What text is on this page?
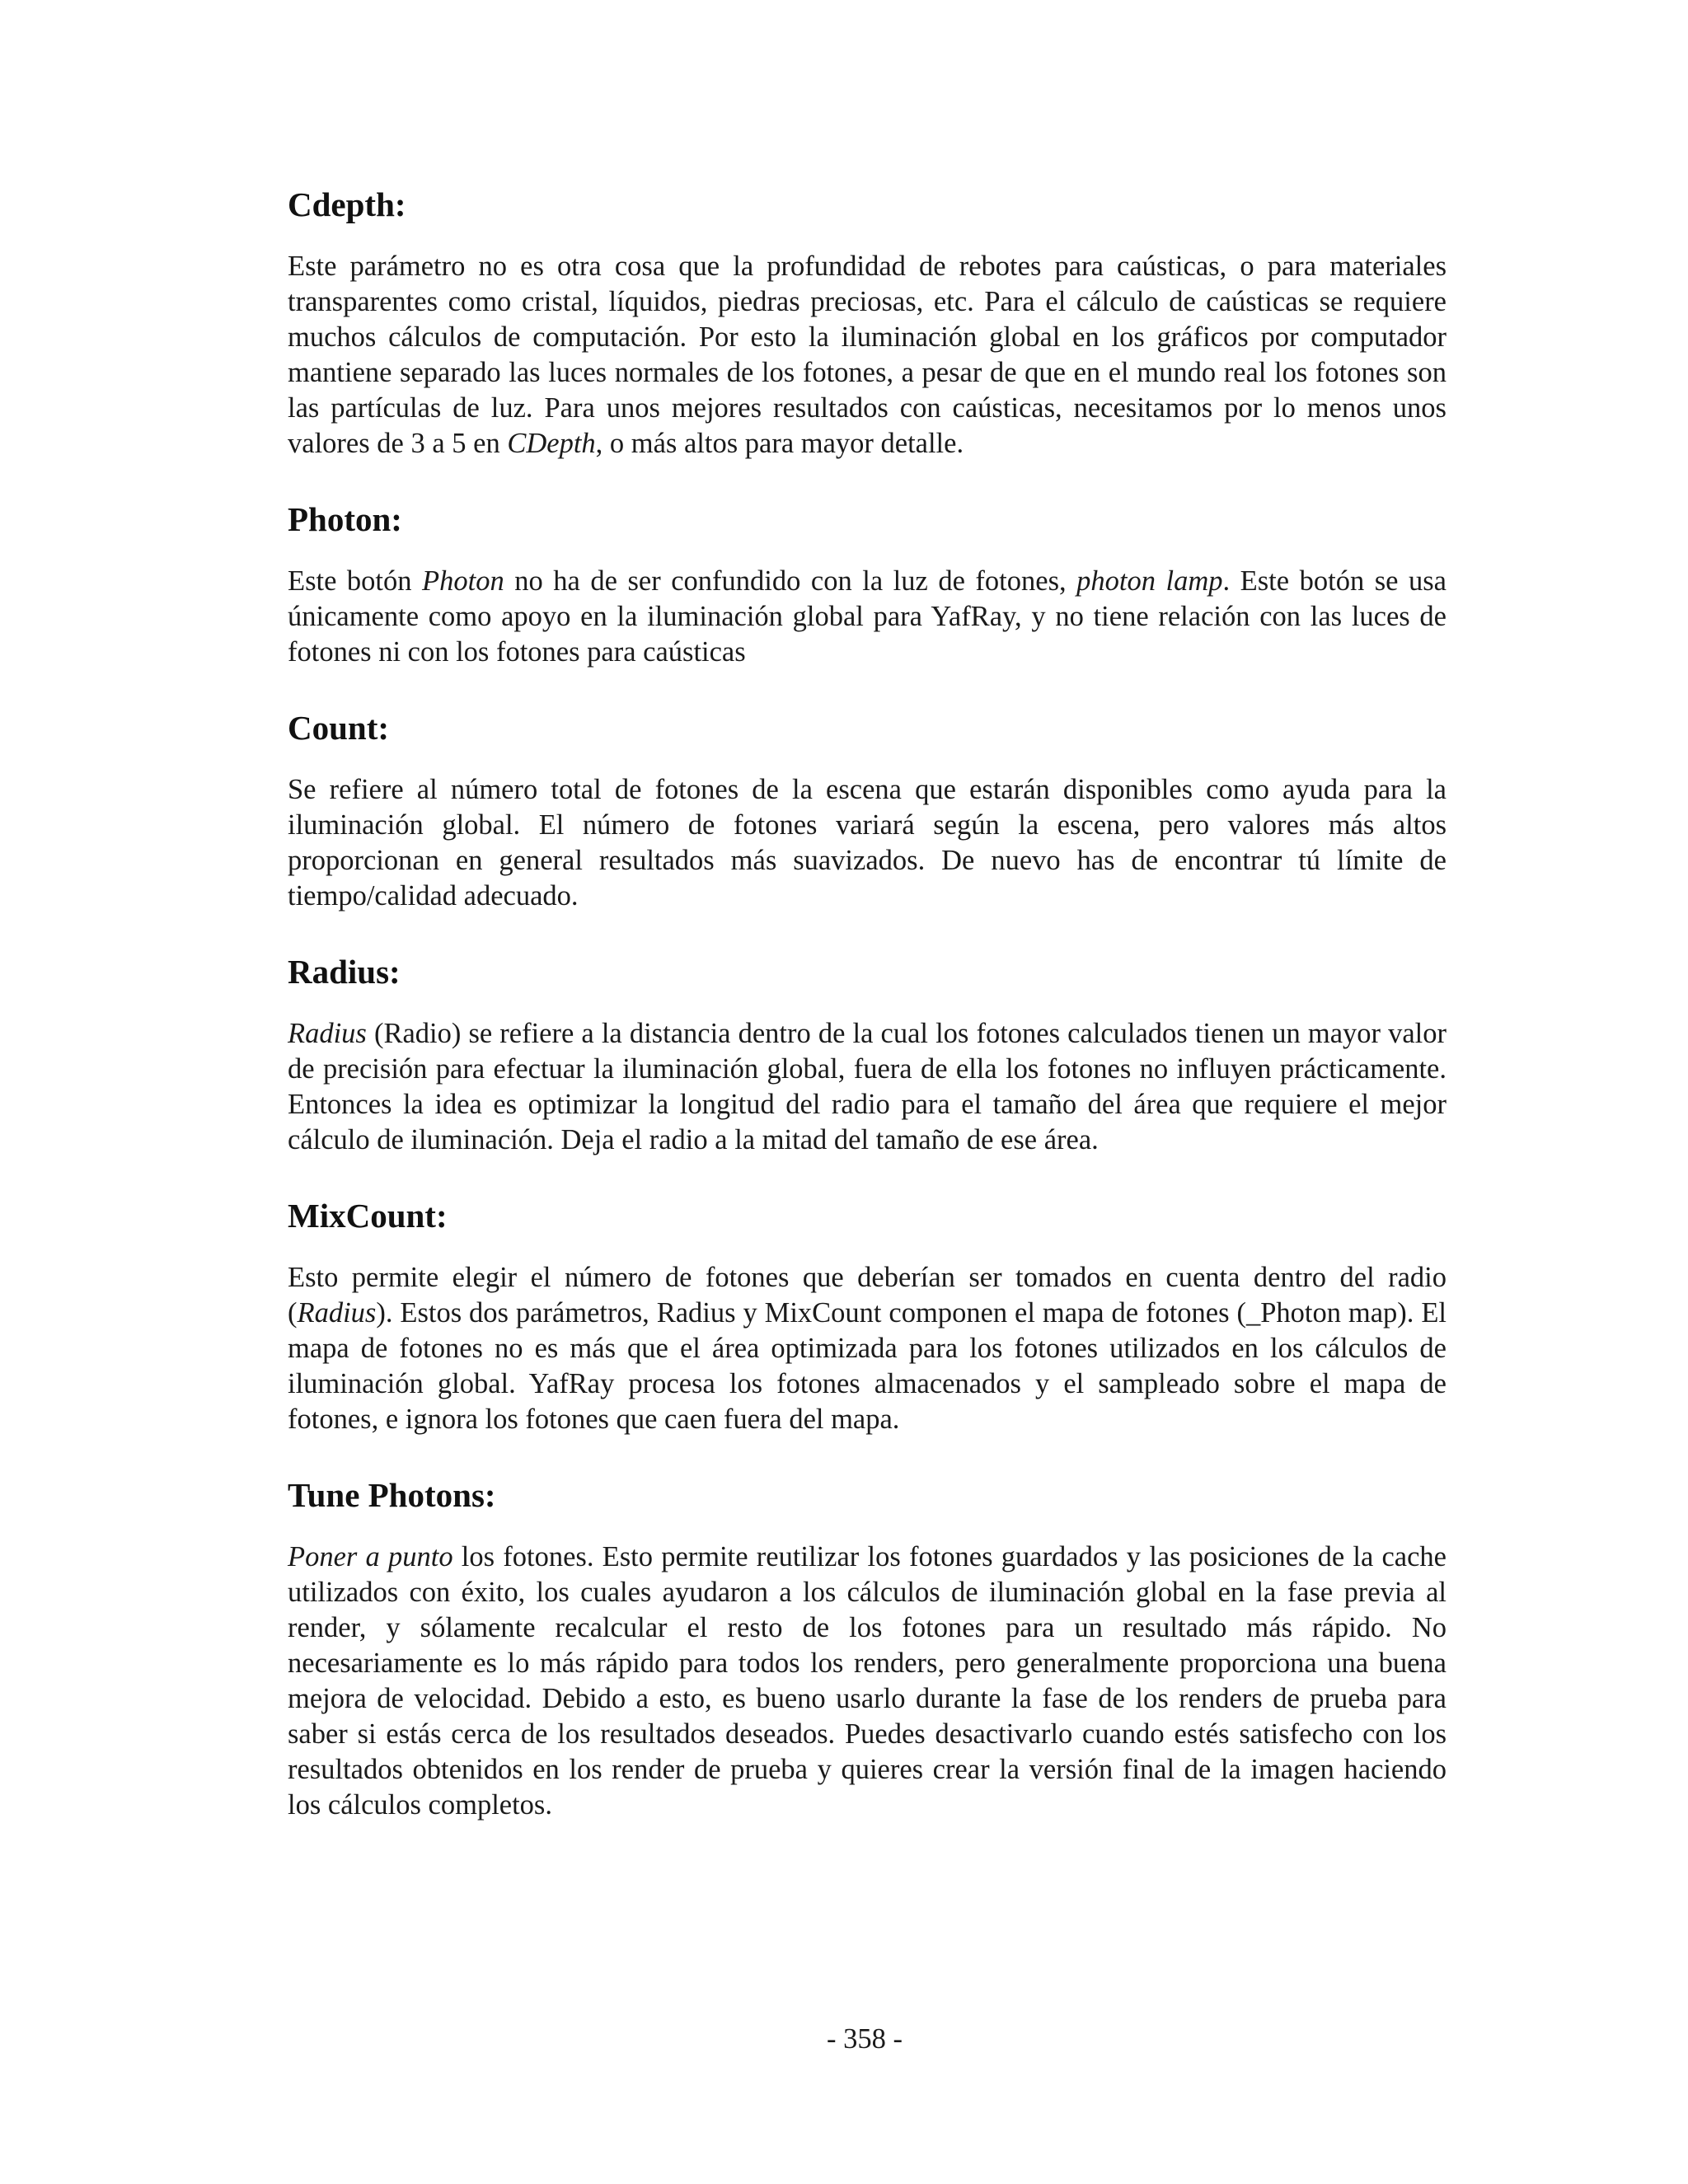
Cdepth:

Este parámetro no es otra cosa que la profundidad de rebotes para caústicas, o para materiales transparentes como cristal, líquidos, piedras preciosas, etc. Para el cálculo de caústicas se requiere muchos cálculos de computación. Por esto la iluminación global en los gráficos por computador mantiene separado las luces normales de los fotones, a pesar de que en el mundo real los fotones son las partículas de luz. Para unos mejores resultados con caústicas, necesitamos por lo menos unos valores de 3 a 5 en CDepth, o más altos para mayor detalle.

Photon:

Este botón Photon no ha de ser confundido con la luz de fotones, photon lamp. Este botón se usa únicamente como apoyo en la iluminación global para YafRay, y no tiene relación con las luces de fotones ni con los fotones para caústicas

Count:

Se refiere al número total de fotones de la escena que estarán disponibles como ayuda para la iluminación global. El número de fotones variará según la escena, pero valores más altos proporcionan en general resultados más suavizados. De nuevo has de encontrar tú límite de tiempo/calidad adecuado.

Radius:

Radius (Radio) se refiere a la distancia dentro de la cual los fotones calculados tienen un mayor valor de precisión para efectuar la iluminación global, fuera de ella los fotones no influyen prácticamente. Entonces la idea es optimizar la longitud del radio para el tamaño del área que requiere el mejor cálculo de iluminación. Deja el radio a la mitad del tamaño de ese área.

MixCount:

Esto permite elegir el número de fotones que deberían ser tomados en cuenta dentro del radio (Radius). Estos dos parámetros, Radius y MixCount componen el mapa de fotones (_Photon map). El mapa de fotones no es más que el área optimizada para los fotones utilizados en los cálculos de iluminación global. YafRay procesa los fotones almacenados y el sampleado sobre el mapa de fotones, e ignora los fotones que caen fuera del mapa.

Tune Photons:

Poner a punto los fotones. Esto permite reutilizar los fotones guardados y las posiciones de la cache utilizados con éxito, los cuales ayudaron a los cálculos de iluminación global en la fase previa al render, y sólamente recalcular el resto de los fotones para un resultado más rápido. No necesariamente es lo más rápido para todos los renders, pero generalmente proporciona una buena mejora de velocidad. Debido a esto, es bueno usarlo durante la fase de los renders de prueba para saber si estás cerca de los resultados deseados. Puedes desactivarlo cuando estés satisfecho con los resultados obtenidos en los render de prueba y quieres crear la versión final de la imagen haciendo los cálculos completos.

- 358 -
